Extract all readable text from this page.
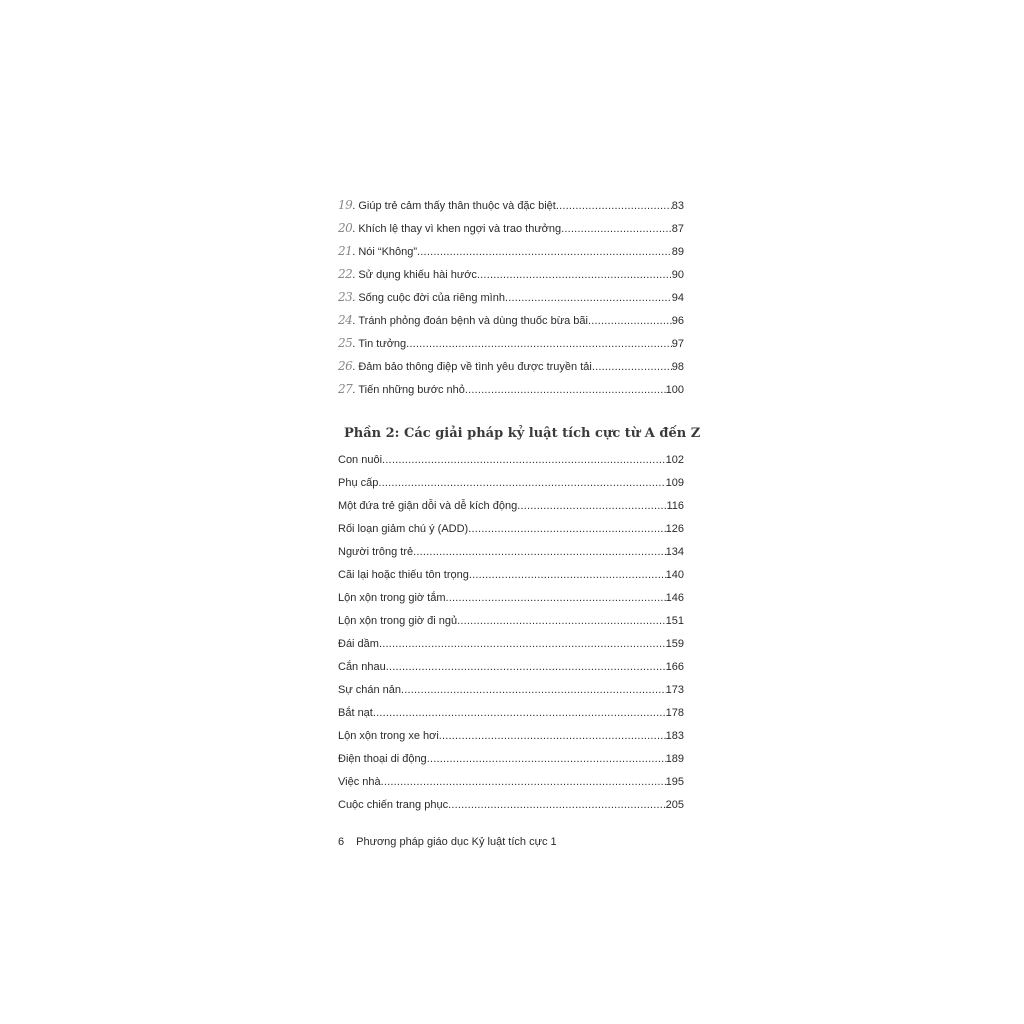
19 . Giúp trẻ cảm thấy thân thuộc và đặc biệt .....	83
20 . Khích lệ thay vì khen ngợi và trao thưởng .....	87
21 . Nói “Không” .....	89
22 . Sử dụng khiếu hài hước .....	90
23 . Sống cuộc đời của riêng mình .....	94
24 . Tránh phỏng đoán bệnh và dùng thuốc bừa bãi .....	96
25 . Tin tưởng .....	97
26 . Đảm bảo thông điệp về tình yêu được truyền tải .....	98
27 . Tiến những bước nhỏ .....	100
Phần 2: Các giải pháp kỷ luật tích cực từ A đến Z
Con nuôi .....	102
Phụ cấp .....	109
Một đứa trẻ giận dỗi và dễ kích động .....	116
Rối loạn giảm chú ý (ADD) .....	126
Người trông trẻ .....	134
Cãi lại hoặc thiếu tôn trọng .....	140
Lộn xộn trong giờ tắm .....	146
Lộn xộn trong giờ đi ngủ .....	151
Đái dầm .....	159
Cắn nhau .....	166
Sự chán nản .....	173
Bắt nạt .....	178
Lộn xộn trong xe hơi .....	183
Điện thoại di động .....	189
Việc nhà .....	195
Cuộc chiến trang phục .....	205
6 Phương pháp giáo dục Kỷ luật tích cực 1
